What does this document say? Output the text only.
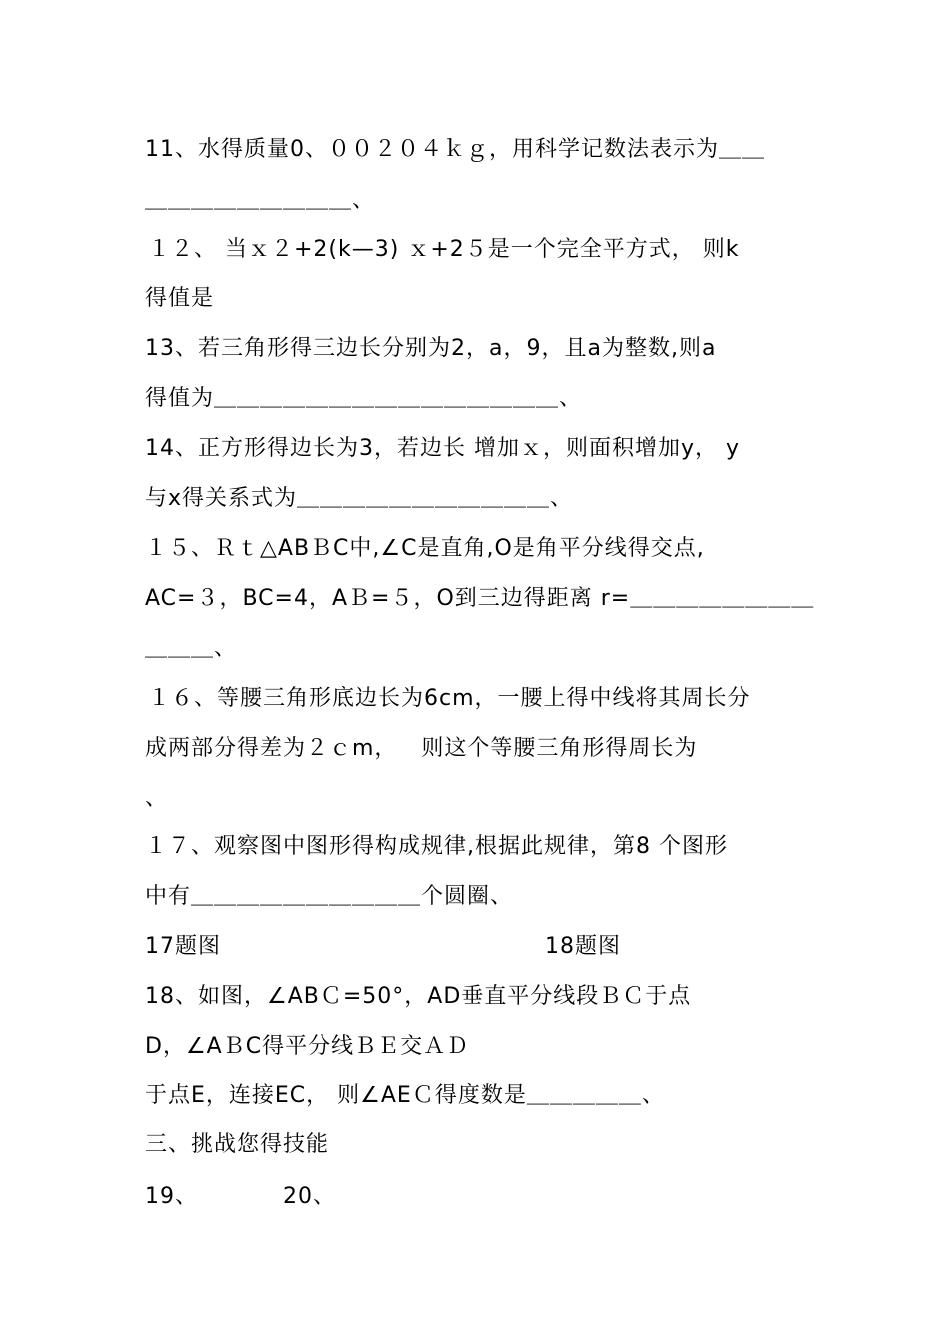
11、水得质量0、００２０４ｋｇ，用科学记数法表示为＿＿
＿＿＿＿＿＿＿＿＿、
１２、 当ｘ２+2(k—3) ｘ+2５是一个完全平方式， 则k
得值是
13、若三角形得三边长分别为2，a，9，且a为整数,则a
得值为＿＿＿＿＿＿＿＿＿＿＿＿＿＿＿、
14、正方形得边长为3，若边长 增加ｘ，则面积增加y， y
与x得关系式为＿＿＿＿＿＿＿＿＿＿＿、
１５、Ｒｔ△ABＢC中,∠C是直角,O是角平分线得交点,
AC=３，BC=4，AＢ=５，O到三边得距离 r=＿＿＿＿＿＿＿＿
＿＿＿、
１６、等腰三角形底边长为6cm，一腰上得中线将其周长分
成两部分得差为２ｃm，   则这个等腰三角形得周长为
、
１７、观察图中图形得构成规律,根据此规律，第8 个图形
中有＿＿＿＿＿＿＿＿＿＿个圆圈、
17题图	18题图
18、如图，∠ABＣ=50°，AD垂直平分线段ＢＣ于点
D，∠AＢC得平分线ＢＥ交ＡＤ
于点E，连接EC， 则∠AEＣ得度数是＿＿＿＿＿、
三、挑战您得技能
19、	20、
